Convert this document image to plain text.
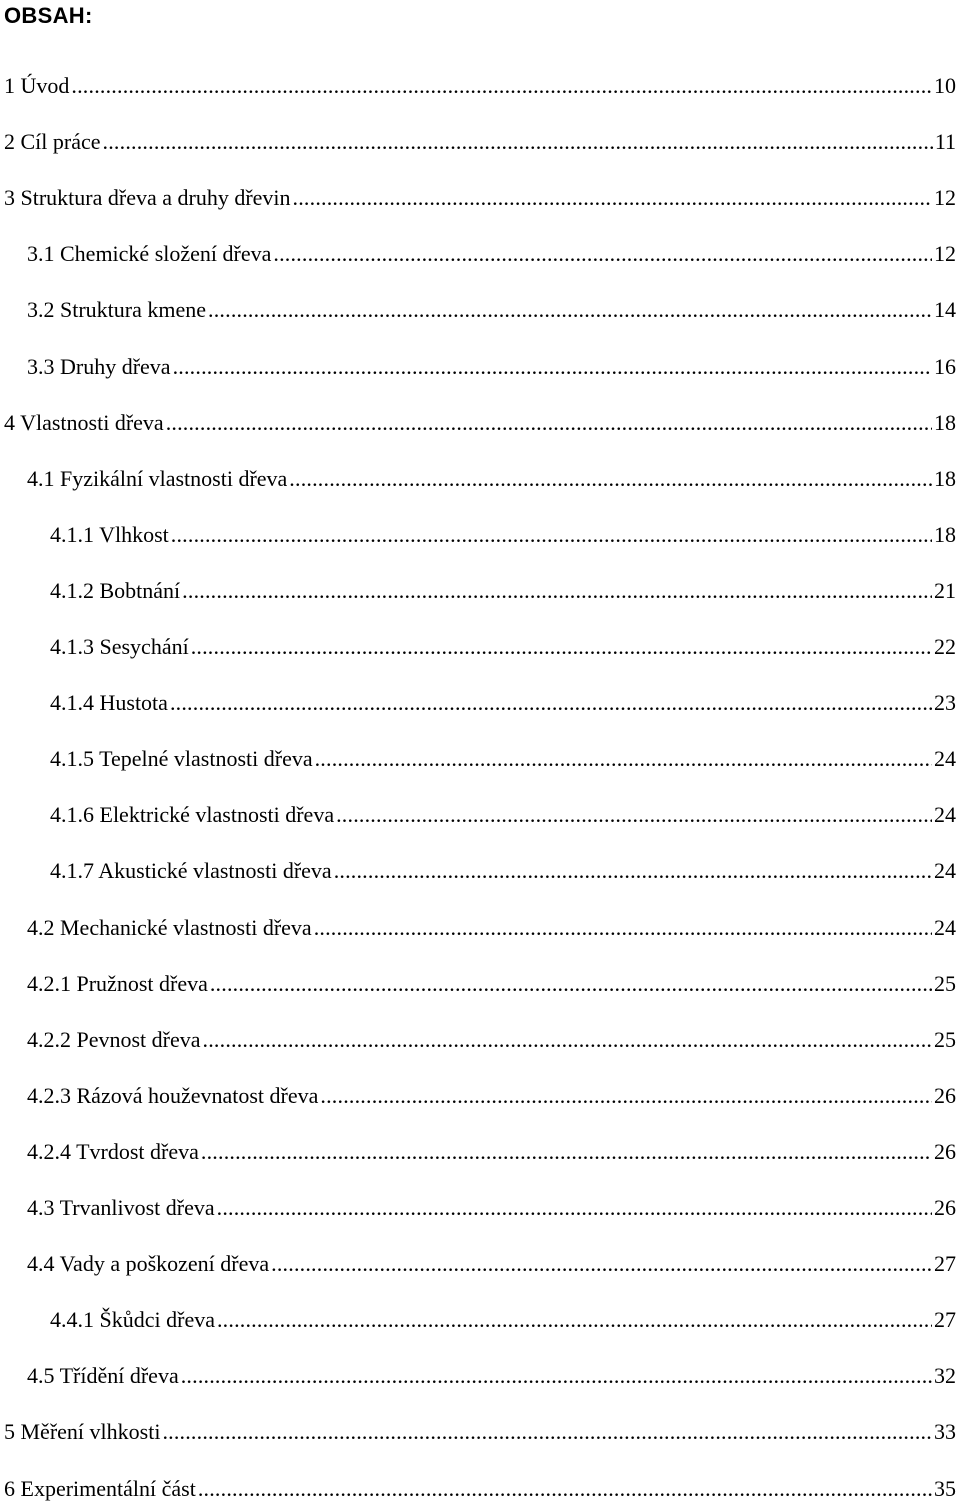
OBSAH:
1 Úvod .....	10
2 Cíl práce .....	11
3 Struktura dřeva a druhy dřevin .....	12
3.1 Chemické složení dřeva .....	12
3.2 Struktura kmene .....	14
3.3 Druhy dřeva .....	16
4 Vlastnosti dřeva .....	18
4.1 Fyzikální vlastnosti dřeva .....	18
4.1.1 Vlhkost .....	18
4.1.2 Bobtnání .....	21
4.1.3 Sesychání .....	22
4.1.4 Hustota .....	23
4.1.5 Tepelné vlastnosti dřeva .....	24
4.1.6 Elektrické vlastnosti dřeva .....	24
4.1.7 Akustické vlastnosti dřeva .....	24
4.2 Mechanické vlastnosti dřeva .....	24
4.2.1 Pružnost dřeva .....	25
4.2.2 Pevnost dřeva .....	25
4.2.3 Rázová houževnatost dřeva .....	26
4.2.4 Tvrdost dřeva .....	26
4.3 Trvanlivost dřeva .....	26
4.4 Vady a poškození dřeva .....	27
4.4.1 Škůdci dřeva .....	27
4.5 Třídění dřeva .....	32
5 Měření vlhkosti .....	33
6 Experimentální část .....	35
